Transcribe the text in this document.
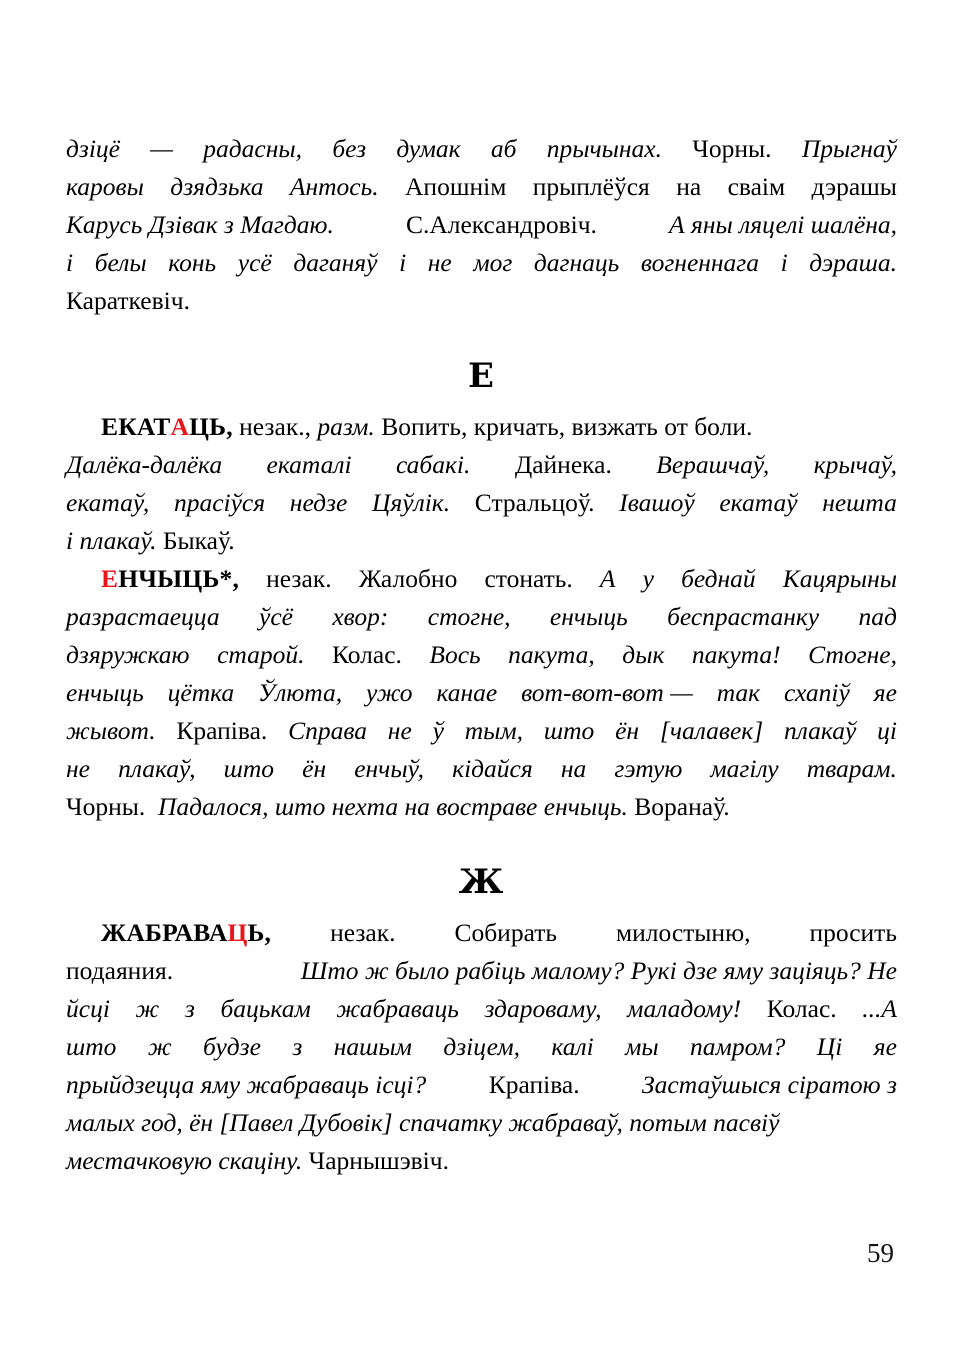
дзіцё — радасны, без думак аб прычынах. Чорны. Прыгнаў
каровы дзядзька Антось. Апошнім прыплёўся на сваім дэрашы
Карусь Дзівак з Магдаю.	С.Александровіч.	А яны ляцелі шалёна,
і белы конь усё даганяў і не мог дагнаць вогненнага і дэраша.
Караткевіч.
Е
ЕКАТ А ЦЬ, незак., разм. Вопить, кричать, визжать от боли.
Далёка-далёка екаталі сабакі. Дайнека. Верашчаў, крычаў,
екатаў, прасіўся недзе Цяўлік. Стральцоў. Івашоў екатаў нешта
і плакаў. Быкаў.
ЕНЧЫЦЬ*, незак. Жалобно стонать. А у беднай Кацярыны
разрастаецца ўсё хвор: стогне, енчыць беспрастанку пад
дзяружкаю старой. Колас. Вось пакута, дык пакута! Стогне,
енчыць цётка Ўлюта, ужо канае вот-вот-вот — так схапіў яе
жывот. Крапіва. Справа не ў тым, што ён [чалавек] плакаў ці
не плакаў, што ён енчыў, кідайся на гэтую магілу тварам.
Чорны.
Падалося, што нехта на востраве енчыць. Воранаў.
Ж
ЖАБРАВАЦЬ, незак. Собирать милостыню, просить
подаяния.	Што ж было рабіць малому? Рукі дзе яму заціяць? Не
йсці ж з бацькам жабраваць здароваму, маладому! Колас. ...А
што ж будзе з нашым дзіцем, калі мы памром? Ці яе
прыйдзецца яму жабраваць ісці? Крапіва. Застаўшыся сіратою з
малых год, ён [Павел Дубовік] спачатку жабраваў, потым пасвіў
местачковую скаціну. Чарнышэвіч.
59
